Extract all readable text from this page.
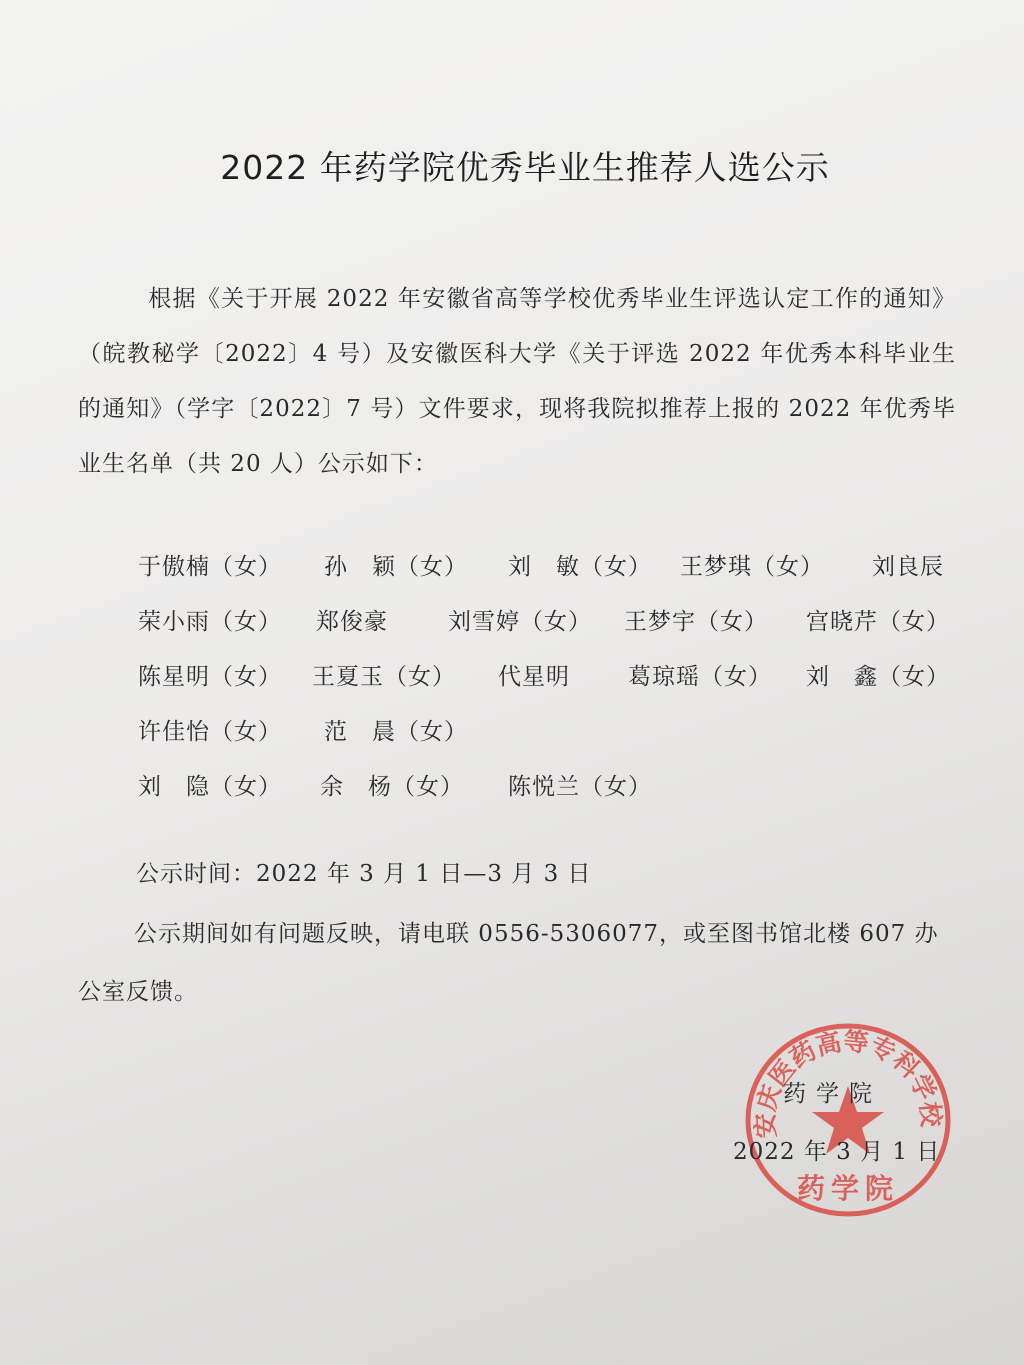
2022 年药学院优秀毕业生推荐人选公示
根据《关于开展 2022 年安徽省高等学校优秀毕业生评选认定工作的通知》（皖教秘学〔2022〕4 号）及安徽医科大学《关于评选 2022 年优秀本科毕业生的通知》（学字〔2022〕7 号）文件要求，现将我院拟推荐上报的 2022 年优秀毕业生名单（共 20 人）公示如下：
于傲楠（女） 孙　颖（女） 刘　敏（女） 王梦琪（女） 刘良辰
荣小雨（女） 郑俊豪	刘雪婷（女） 王梦宇（女） 宫晓芹（女）
陈星明（女） 王夏玉（女） 代星明	葛琼瑶（女） 刘　鑫（女）
许佳怡（女） 范　晨（女）
刘　隐（女） 余　杨（女） 陈悦兰（女）
公示时间：2022 年 3 月 1 日—3 月 3 日
公示期间如有问题反映，请电联 0556-5306077，或至图书馆北楼 607 办公室反馈。
安庆医药高等专科学校
药学院
药学院
2022 年 3 月 1 日
